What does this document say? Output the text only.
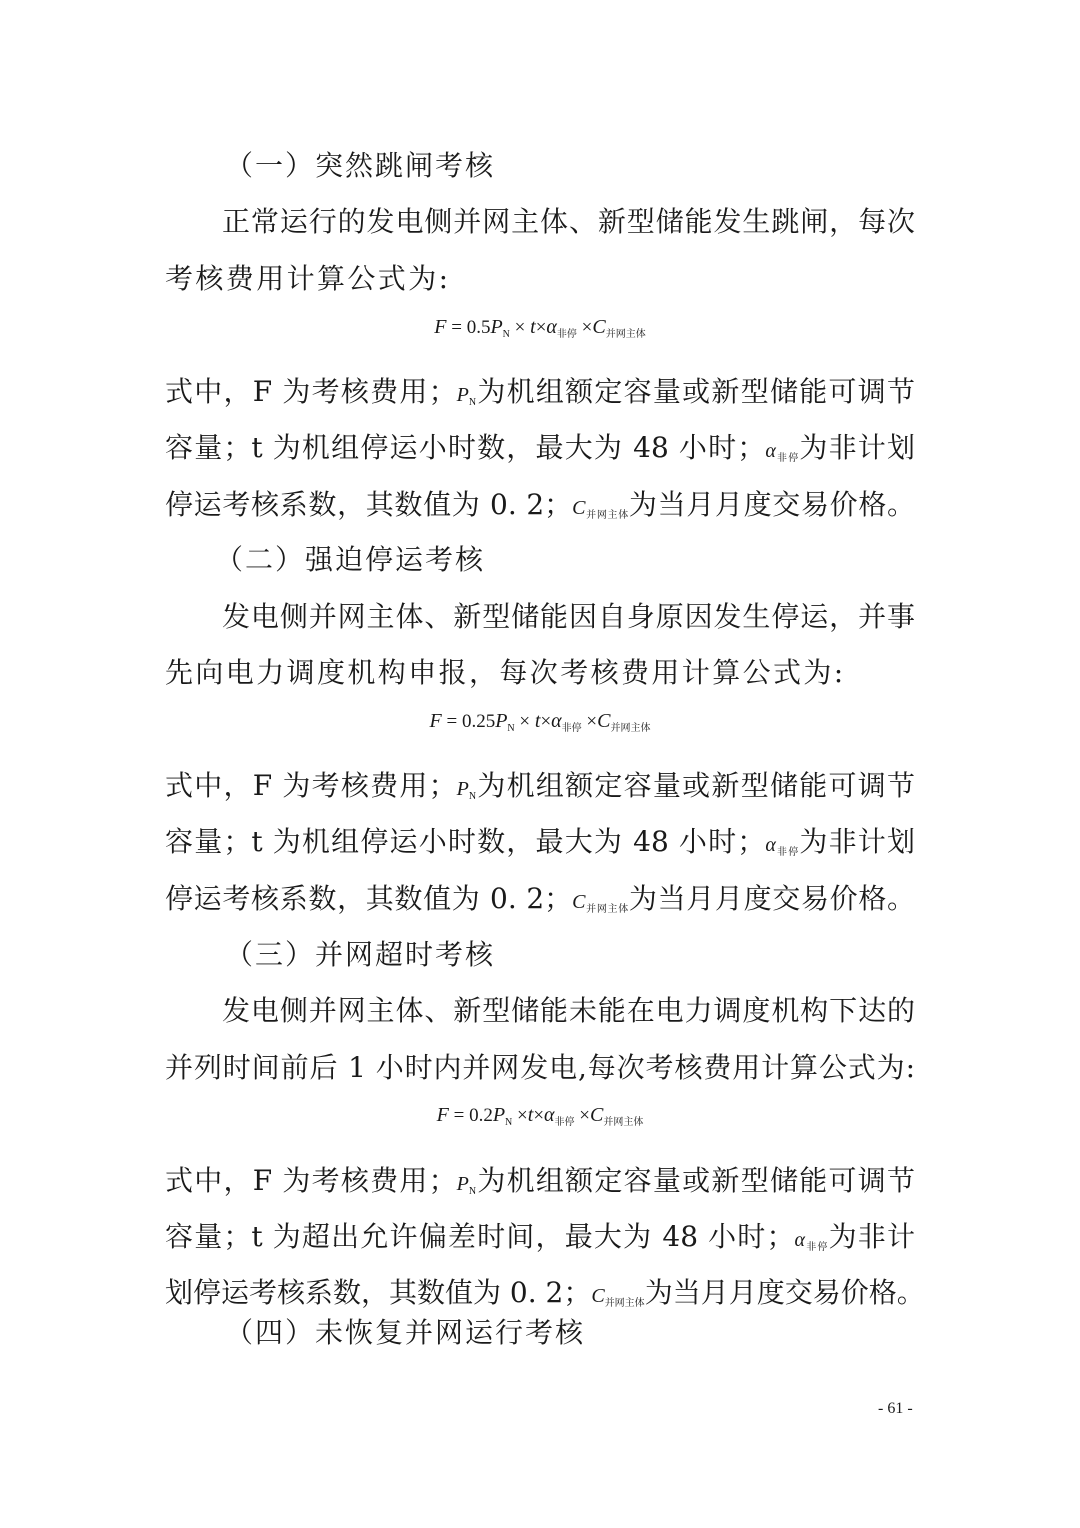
（一）突然跳闸考核
正常运行的发电侧并网主体、新型储能发生跳闸，每次
考核费用计算公式为:
$F = 0.5P_N \times t\times\alpha_{非停} \times C_{并网主体}$
式中，F 为考核费用；$P_N$为机组额定容量或新型储能可调节
容量；t 为机组停运小时数，最大为 48 小时；$\alpha_{非停}$为非计划
停运考核系数，其数值为 0. 2；$C_{并网主体}$为当月月度交易价格。
（二）强迫停运考核
发电侧并网主体、新型储能因自身原因发生停运，并事
先向电力调度机构申报，每次考核费用计算公式为:
$F = 0.25P_N \times t\times\alpha_{非停} \times C_{并网主体}$
式中，F 为考核费用；$P_N$为机组额定容量或新型储能可调节
容量；t 为机组停运小时数，最大为 48 小时；$\alpha_{非停}$为非计划
停运考核系数，其数值为 0. 2；$C_{并网主体}$为当月月度交易价格。
（三）并网超时考核
发电侧并网主体、新型储能未能在电力调度机构下达的
并列时间前后 1 小时内并网发电,每次考核费用计算公式为:
$F = 0.2P_N \times t\times\alpha_{非停} \times C_{并网主体}$
式中，F 为考核费用；$P_N$为机组额定容量或新型储能可调节
容量；t 为超出允许偏差时间，最大为 48 小时；$\alpha_{非停}$为非计
划停运考核系数，其数值为 0. 2；$C_{并网主体}$为当月月度交易价格。
（四）未恢复并网运行考核
- 61 -
